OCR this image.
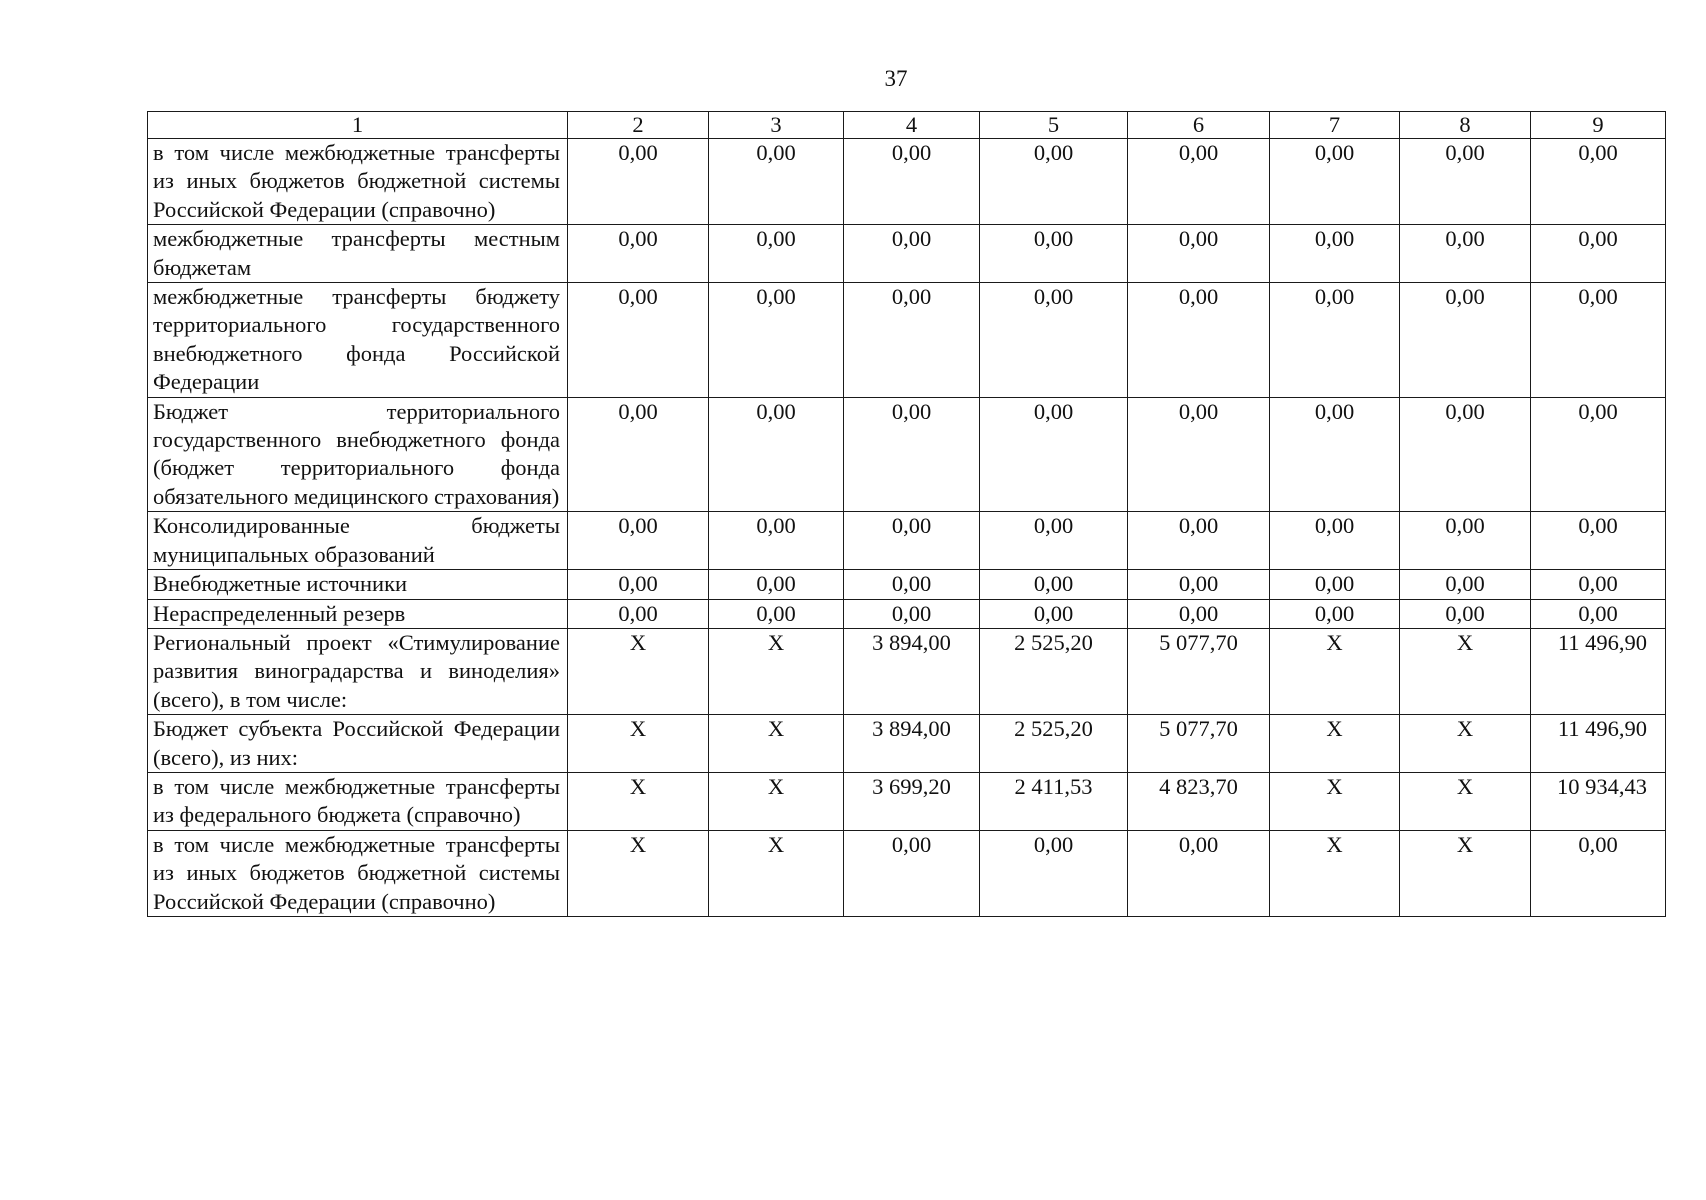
37
1	2	3	4	5	6	7	8	9
в том числе межбюджетные трансферты из иных бюджетов бюджетной системы Российской Федерации (справочно)	0,00	0,00	0,00	0,00	0,00	0,00	0,00	0,00
межбюджетные трансферты местным бюджетам	0,00	0,00	0,00	0,00	0,00	0,00	0,00	0,00
межбюджетные трансферты бюджету территориального государственного внебюджетного фонда Российской Федерации	0,00	0,00	0,00	0,00	0,00	0,00	0,00	0,00
Бюджет территориального государственного внебюджетного фонда (бюджет территориального фонда обязательного медицинского страхования)	0,00	0,00	0,00	0,00	0,00	0,00	0,00	0,00
Консолидированные бюджеты муниципальных образований	0,00	0,00	0,00	0,00	0,00	0,00	0,00	0,00
Внебюджетные источники	0,00	0,00	0,00	0,00	0,00	0,00	0,00	0,00
Нераспределенный резерв	0,00	0,00	0,00	0,00	0,00	0,00	0,00	0,00
Региональный проект «Стимулирование развития виноградарства и виноделия» (всего), в том числе:	X	X	3 894,00	2 525,20	5 077,70	X	X	11 496,90
Бюджет субъекта Российской Федерации (всего), из них:	X	X	3 894,00	2 525,20	5 077,70	X	X	11 496,90
в том числе межбюджетные трансферты из федерального бюджета (справочно)	X	X	3 699,20	2 411,53	4 823,70	X	X	10 934,43
в том числе межбюджетные трансферты из иных бюджетов бюджетной системы Российской Федерации (справочно)	X	X	0,00	0,00	0,00	X	X	0,00
